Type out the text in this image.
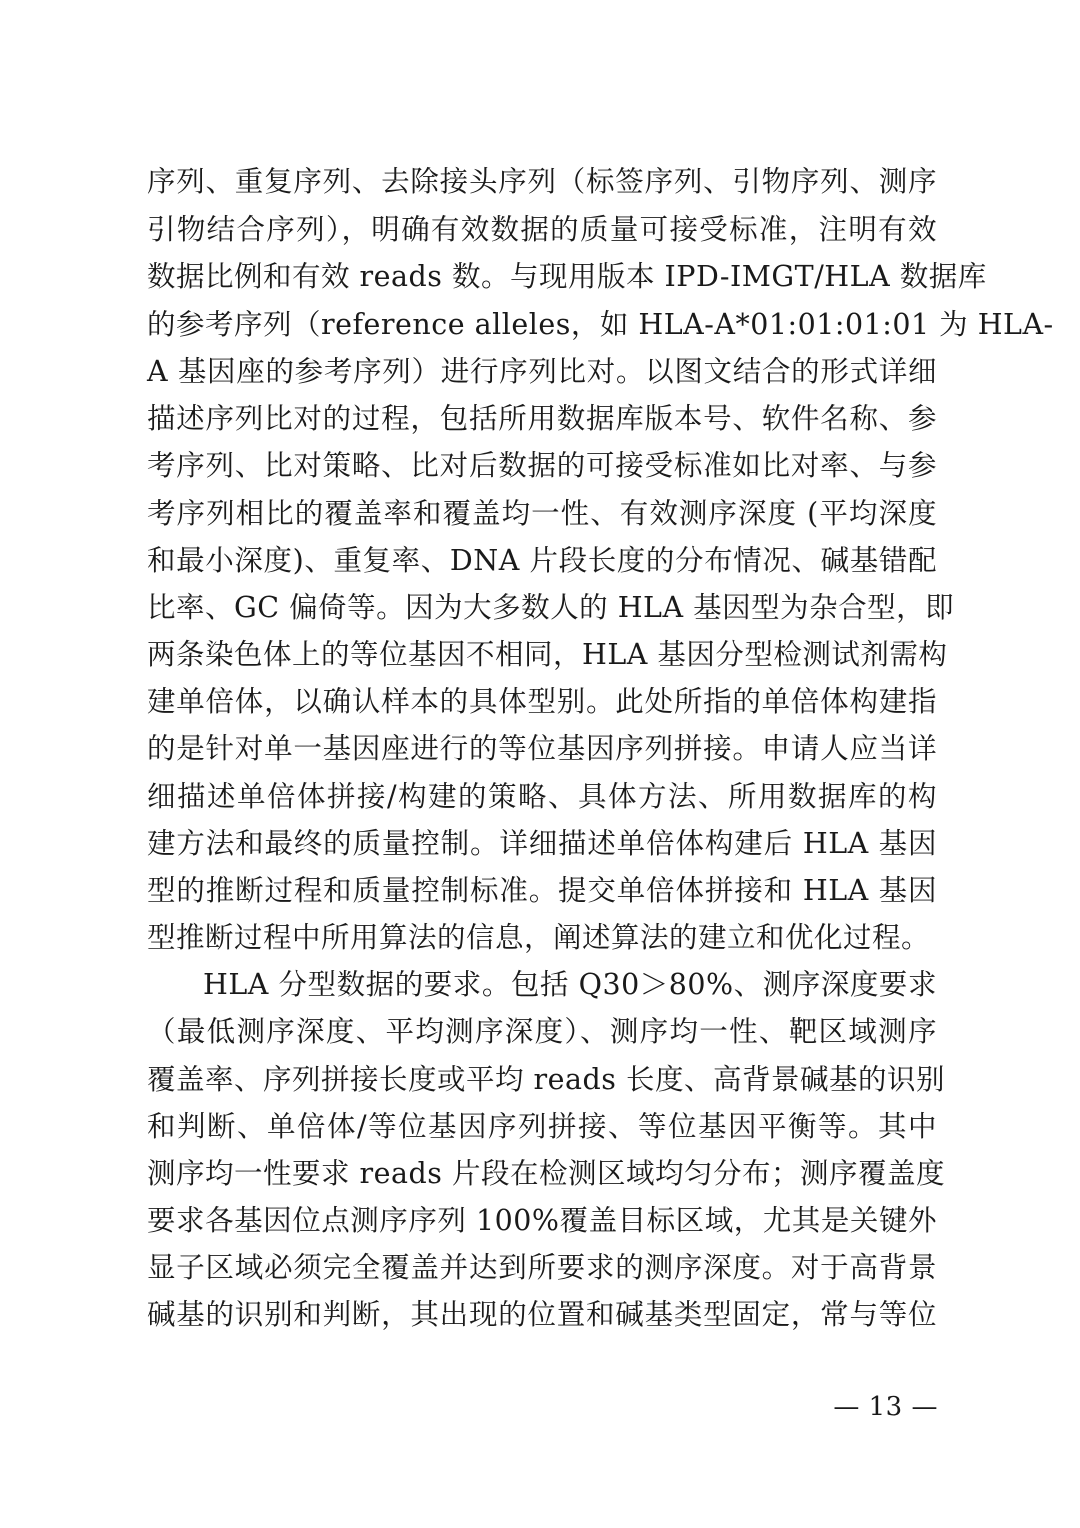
序列、重复序列、去除接头序列（标签序列、引物序列、测序
引物结合序列），明确有效数据的质量可接受标准，注明有效
数据比例和有效 reads 数。与现用版本 IPD-IMGT/HLA 数据库
的参考序列（reference alleles，如 HLA-A*01:01:01:01 为 HLA-
A 基因座的参考序列）进行序列比对。以图文结合的形式详细
描述序列比对的过程，包括所用数据库版本号、软件名称、参
考序列、比对策略、比对后数据的可接受标准如比对率、与参
考序列相比的覆盖率和覆盖均一性、有效测序深度 (平均深度
和最小深度)、重复率、DNA 片段长度的分布情况、碱基错配
比率、GC 偏倚等。因为大多数人的 HLA 基因型为杂合型，即
两条染色体上的等位基因不相同，HLA 基因分型检测试剂需构
建单倍体，以确认样本的具体型别。此处所指的单倍体构建指
的是针对单一基因座进行的等位基因序列拼接。申请人应当详
细描述单倍体拼接/构建的策略、具体方法、所用数据库的构
建方法和最终的质量控制。详细描述单倍体构建后 HLA 基因
型的推断过程和质量控制标准。提交单倍体拼接和 HLA 基因
型推断过程中所用算法的信息，阐述算法的建立和优化过程。
HLA 分型数据的要求。包括 Q30＞80%、测序深度要求
（最低测序深度、平均测序深度）、测序均一性、靶区域测序
覆盖率、序列拼接长度或平均 reads 长度、高背景碱基的识别
和判断、单倍体/等位基因序列拼接、等位基因平衡等。其中
测序均一性要求 reads 片段在检测区域均匀分布；测序覆盖度
要求各基因位点测序序列 100%覆盖目标区域，尤其是关键外
显子区域必须完全覆盖并达到所要求的测序深度。对于高背景
碱基的识别和判断，其出现的位置和碱基类型固定，常与等位
— 13 —
